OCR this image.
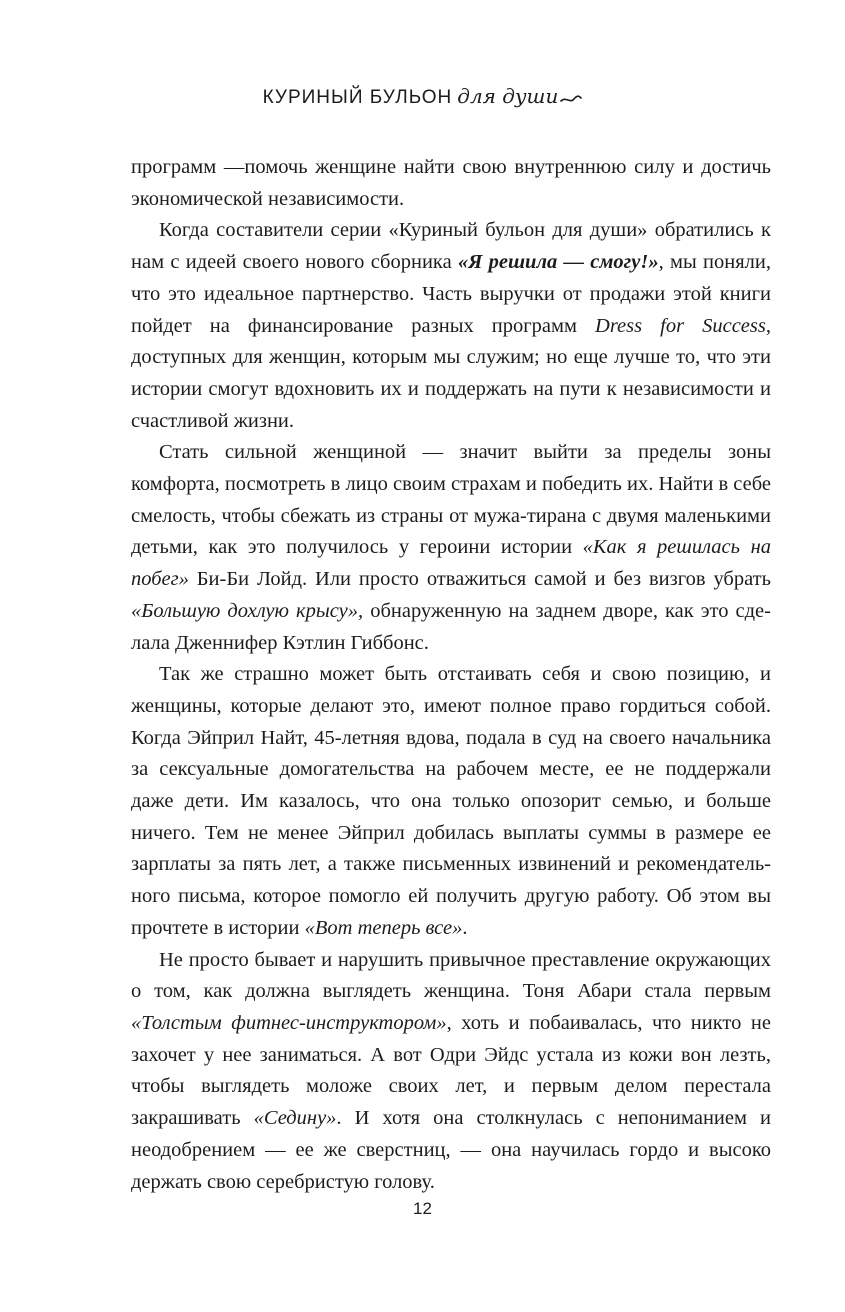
КУРИНЫЙ БУЛЬОН для души

программ —помочь женщине найти свою внутреннюю силу и достичь экономической независимости.

Когда составители серии «Куриный бульон для души» обратились к нам с идеей своего нового сборника «Я решила — смогу!», мы поняли, что это идеальное партнерство. Часть выручки от продажи этой книги пойдет на финансирование разных программ Dress for Success, доступных для женщин, которым мы служим; но еще лучше то, что эти истории смогут вдохновить их и поддержать на пути к независимости и счастливой жизни.

Стать сильной женщиной — значит выйти за пределы зоны комфорта, посмотреть в лицо своим страхам и победить их. Найти в себе смелость, чтобы сбежать из страны от мужа-тирана с двумя маленькими детьми, как это получилось у героини истории «Как я решилась на побег» Би-Би Лойд. Или просто отважиться самой и без визгов убрать «Большую дохлую крысу», обнаруженную на заднем дворе, как это сделала Дженнифер Кэтлин Гиббонс.

Так же страшно может быть отстаивать себя и свою позицию, и женщины, которые делают это, имеют полное право гордиться собой. Когда Эйприл Найт, 45-летняя вдова, подала в суд на своего начальника за сексуальные домогательства на рабочем месте, ее не поддержали даже дети. Им казалось, что она только опозорит семью, и больше ничего. Тем не менее Эйприл добилась выплаты суммы в размере ее зарплаты за пять лет, а также письменных извинений и рекомендательного письма, которое помогло ей получить другую работу. Об этом вы прочтете в истории «Вот теперь все».

Не просто бывает и нарушить привычное преставление окружающих о том, как должна выглядеть женщина. Тоня Абари стала первым «Толстым фитнес-инструктором», хоть и побаивалась, что никто не захочет у нее заниматься. А вот Одри Эйдс устала из кожи вон лезть, чтобы выглядеть моложе своих лет, и первым делом перестала закрашивать «Седину». И хотя она столкнулась с непониманием и неодобрением — ее же сверстниц, — она научилась гордо и высоко держать свою серебристую голову.

12
